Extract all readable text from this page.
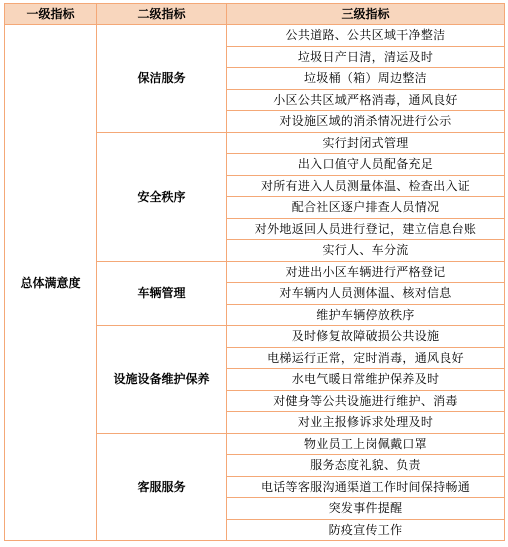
一级指标	二级指标	三级指标
总体满意度	保洁服务	公共道路、公共区域干净整洁
		垃圾日产日清，清运及时
		垃圾桶（箱）周边整洁
		小区公共区域严格消毒，通风良好
		对设施区域的消杀情况进行公示
	安全秩序	实行封闭式管理
		出入口值守人员配备充足
		对所有进入人员测量体温、检查出入证
		配合社区逐户排查人员情况
		对外地返回人员进行登记，建立信息台账
		实行人、车分流
	车辆管理	对进出小区车辆进行严格登记
		对车辆内人员测体温、核对信息
		维护车辆停放秩序
	设施设备维护保养	及时修复故障破损公共设施
		电梯运行正常，定时消毒，通风良好
		水电气暖日常维护保养及时
		对健身等公共设施进行维护、消毒
		对业主报修诉求处理及时
	客服服务	物业员工上岗佩戴口罩
		服务态度礼貌、负责
		电话等客服沟通渠道工作时间保持畅通
		突发事件提醒
		防疫宣传工作
